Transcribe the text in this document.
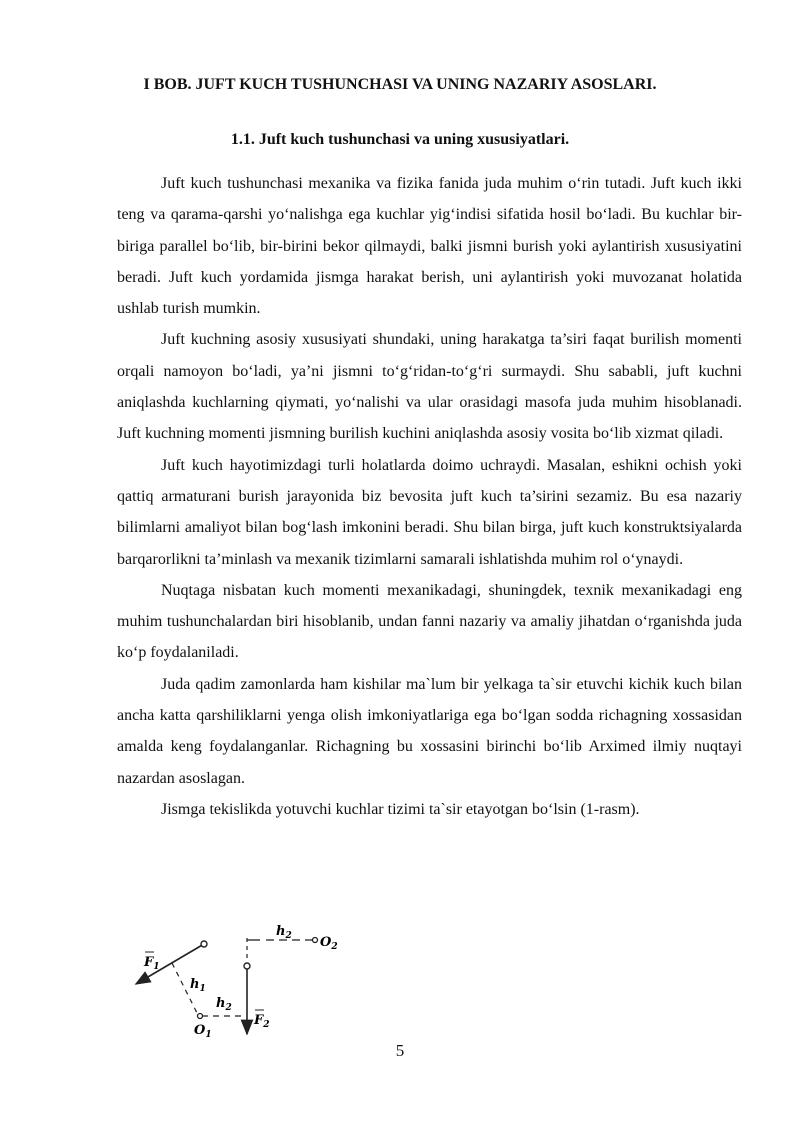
I BOB. JUFT KUCH TUSHUNCHASI VA UNING NAZARIY ASOSLARI.
1.1. Juft kuch tushunchasi va uning xususiyatlari.

Juft kuch tushunchasi mexanika va fizika fanida juda muhim oʻrin tutadi. Juft kuch ikki teng va qarama-qarshi yoʻnalishga ega kuchlar yigʻindisi sifatida hosil boʻladi. Bu kuchlar bir-biriga parallel boʻlib, bir-birini bekor qilmaydi, balki jismni burish yoki aylantirish xususiyatini beradi. Juft kuch yordamida jismga harakat berish, uni aylantirish yoki muvozanat holatida ushlab turish mumkin.

Juft kuchning asosiy xususiyati shundaki, uning harakatga ta’siri faqat burilish momenti orqali namoyon boʻladi, ya’ni jismni toʻgʻridan-toʻgʻri surmaydi. Shu sababli, juft kuchni aniqlashda kuchlarning qiymati, yoʻnalishi va ular orasidagi masofa juda muhim hisoblanadi. Juft kuchning momenti jismning burilish kuchini aniqlashda asosiy vosita boʻlib xizmat qiladi.

Juft kuch hayotimizdagi turli holatlarda doimo uchraydi. Masalan, eshikni ochish yoki qattiq armaturani burish jarayonida biz bevosita juft kuch ta’sirini sezamiz. Bu esa nazariy bilimlarni amaliyot bilan bogʻlash imkonini beradi. Shu bilan birga, juft kuch konstruktsiyalarda barqarorlikni ta’minlash va mexanik tizimlarni samarali ishlatishda muhim rol oʻynaydi.

Nuqtaga nisbatan kuch momenti mexanikadagi, shuningdek, texnik mexanikadagi eng muhim tushunchalardan biri hisoblanib, undan fanni nazariy va amaliy jihatdan oʻrganishda juda koʻp foydalaniladi.

Juda qadim zamonlarda ham kishilar ma`lum bir yelkaga ta`sir etuvchi kichik kuch bilan ancha katta qarshiliklarni yenga olish imkoniyatlariga ega boʻlgan sodda richagning xossasidan amalda keng foydalanganlar. Richagning bu xossasini birinchi boʻlib Arximed ilmiy nuqtayi nazardan asoslagan.

Jismga tekislikda yotuvchi kuchlar tizimi ta`sir etayotgan boʻlsin (1-rasm).

$F_1$
$h_1$
$h_2$
$O_1$
$F_2$
$h_2$ $O_2$
5
